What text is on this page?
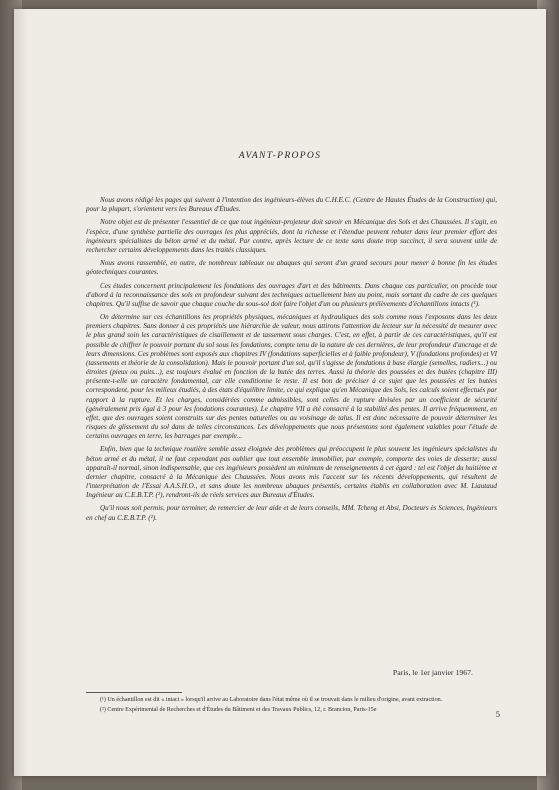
AVANT-PROPOS

Nous avons rédigé les pages qui suivent à l'intention des ingénieurs-élèves du C.H.E.C. (Centre de Hautes Études de la Construction) qui, pour la plupart, s'orientent vers les Bureaux d'Études.

Notre objet est de présenter l'essentiel de ce que tout ingénieur-projeteur doit savoir en Mécanique des Sols et des Chaussées. Il s'agit, en l'espèce, d'une synthèse partielle des ouvrages les plus appréciés, dont la richesse et l'étendue peuvent rebuter dans leur premier effort des ingénieurs spécialistes du béton armé et du métal. Par contre, après lecture de ce texte sans doute trop succinct, il sera souvent utile de rechercher certains développements dans les traités classiques.

Nous avons rassemblé, en outre, de nombreux tableaux ou abaques qui seront d'un grand secours pour mener à bonne fin les études géotechniques courantes.

Ces études concernent principalement les fondations des ouvrages d'art et des bâtiments. Dans chaque cas particulier, on procède tout d'abord à la reconnaissance des sols en profondeur suivant des techniques actuellement bien au point, mais sortant du cadre de ces quelques chapitres. Qu'il suffise de savoir que chaque couche du sous-sol doit faire l'objet d'un ou plusieurs prélèvements d'échantillons intacts (¹).

On détermine sur ces échantillons les propriétés physiques, mécaniques et hydrauliques des sols comme nous l'exposons dans les deux premiers chapitres. Sans donner à ces propriétés une hiérarchie de valeur, nous attirons l'attention du lecteur sur la nécessité de mesurer avec le plus grand soin les caractéristiques de cisaillement et de tassement sous charges. C'est, en effet, à partir de ces caractéristiques, qu'il est possible de chiffrer le pouvoir portant du sol sous les fondations, compte tenu de la nature de ces dernières, de leur profondeur d'ancrage et de leurs dimensions. Ces problèmes sont exposés aux chapitres IV (fondations superficielles et à faible profondeur), V (fondations profondes) et VI (tassements et théorie de la consolidation). Mais le pouvoir portant d'un sol, qu'il s'agisse de fondations à base élargie (semelles, radiers...) ou étroites (pieux ou puits...), est toujours évalué en fonction de la butée des terres. Aussi la théorie des poussées et des butées (chapitre III) présente-t-elle un caractère fondamental, car elle conditionne le reste. Il est bon de préciser à ce sujet que les poussées et les butées correspondent, pour les milieux étudiés, à des états d'équilibre limite, ce qui explique qu'en Mécanique des Sols, les calculs soient effectués par rapport à la rupture. Et les charges, considérées comme admissibles, sont celles de rupture divisées par un coefficient de sécurité (généralement pris égal à 3 pour les fondations courantes). Le chapitre VII a été consacré à la stabilité des pentes. Il arrive fréquemment, en effet, que des ouvrages soient construits sur des pentes naturelles ou au voisinage de talus. Il est donc nécessaire de pouvoir déterminer les risques de glissement du sol dans de telles circonstances. Les développements que nous présentons sont également valables pour l'étude de certains ouvrages en terre, les barrages par exemple...

Enfin, bien que la technique routière semble assez éloignée des problèmes qui préoccupent le plus souvent les ingénieurs spécialistes du béton armé et du métal, il ne faut cependant pas oublier que tout ensemble immobilier, par exemple, comporte des voies de desserte; aussi apparaît-il normal, sinon indispensable, que ces ingénieurs possèdent un minimum de renseignements à cet égard : tel est l'objet du huitième et dernier chapitre, consacré à la Mécanique des Chaussées. Nous avons mis l'accent sur les récents développements, qui résultent de l'interprétation de l'Essai A.A.S.H.O., et sans doute les nombreux abaques présentés, certains établis en collaboration avec M. Liautaud Ingénieur au C.E.B.T.P. (²), rendront-ils de réels services aux Bureaux d'Études.

Qu'il nous soit permis, pour terminer, de remercier de leur aide et de leurs conseils, MM. Tcheng et Absi, Docteurs ès Sciences, Ingénieurs en chef au C.E.B.T.P. (²).

Paris, le 1er janvier 1967.

(¹) Un échantillon est dit « intact » lorsqu'il arrive au Laboratoire dans l'état même où il se trouvait dans le milieu d'origine, avant extraction.

(²) Centre Expérimental de Recherches et d'Études du Bâtiment et des Travaux Publics, 12, r. Brancion, Paris-15e	5
